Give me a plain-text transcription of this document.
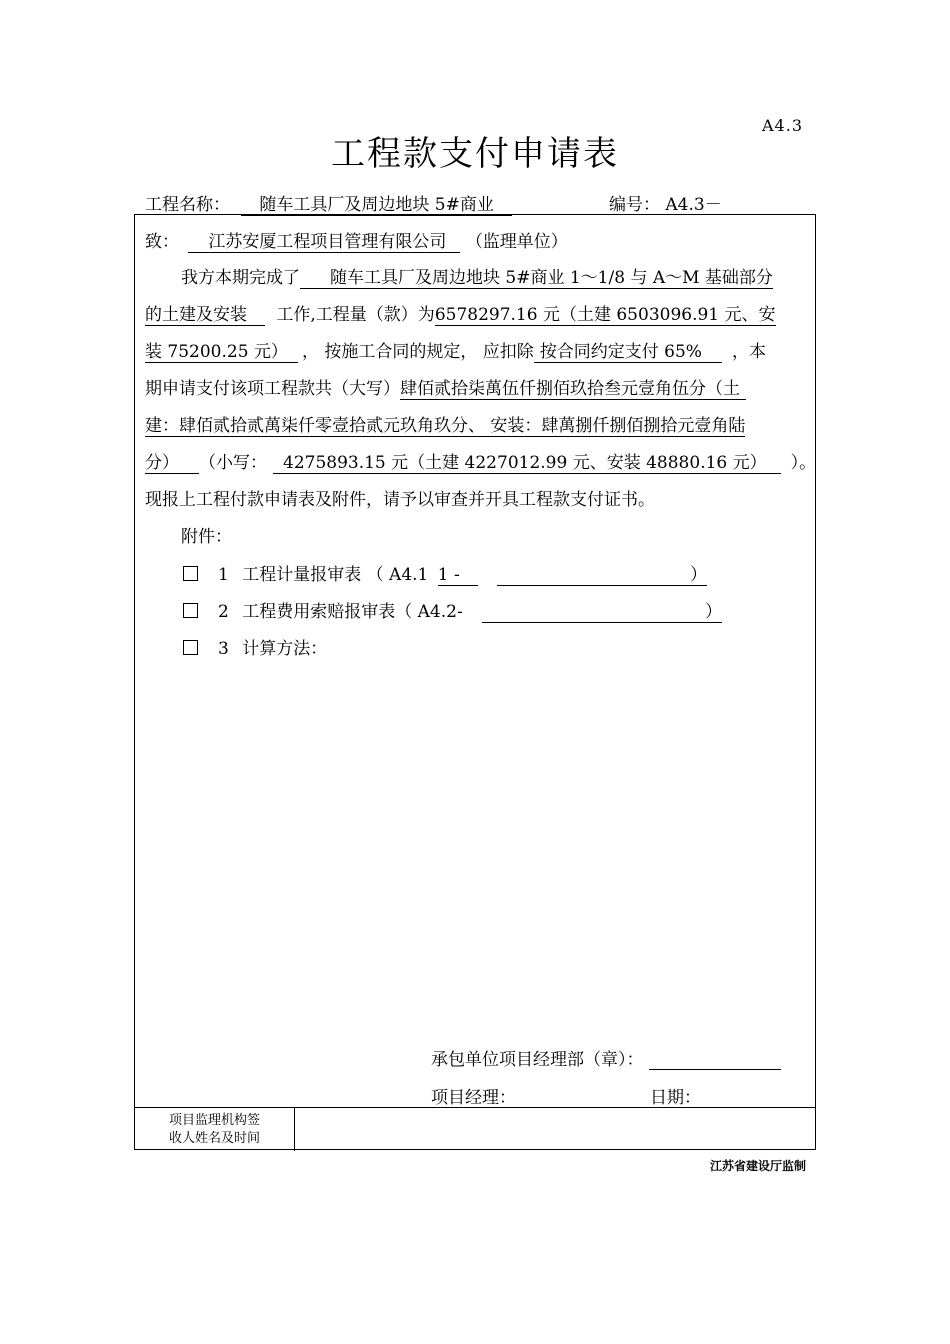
A4.3
工程款支付申请表
工程名称： 随车工具厂及周边地块 5#商业	编号： A4.3－
致： 江苏安厦工程项目管理有限公司 （监理单位）
我方本期完成了 随车工具厂及周边地块 5#商业 1～1/8 与 A～M 基础部分
的土建及安装 工作,工程量（款）为6578297.16 元（土建 6503096.91 元、安
装 75200.25 元） ， 按施工合同的规定， 应扣除 按合同约定支付 65% ，本
期申请支付该项工程款共（大写）肆佰贰拾柒萬伍仟捌佰玖拾叁元壹角伍分（土
建：肆佰贰拾贰萬柒仟零壹拾贰元玖角玖分、 安装：肆萬捌仟捌佰捌拾元壹角陆
分） （小写： 4275893.15 元（土建 4227012.99 元、安装 48880.16 元） ）。
现报上工程付款申请表及附件，请予以审查并开具工程款支付证书。
附件：
1 工程计量报审表 （ A4.1 1 -	）
2 工程费用索赔报审表（ A4.2-	）
3 计算方法：
承包单位项目经理部（章）：
项目经理：	日期：
项目监理机构签
收人姓名及时间
江苏省建设厅监制
